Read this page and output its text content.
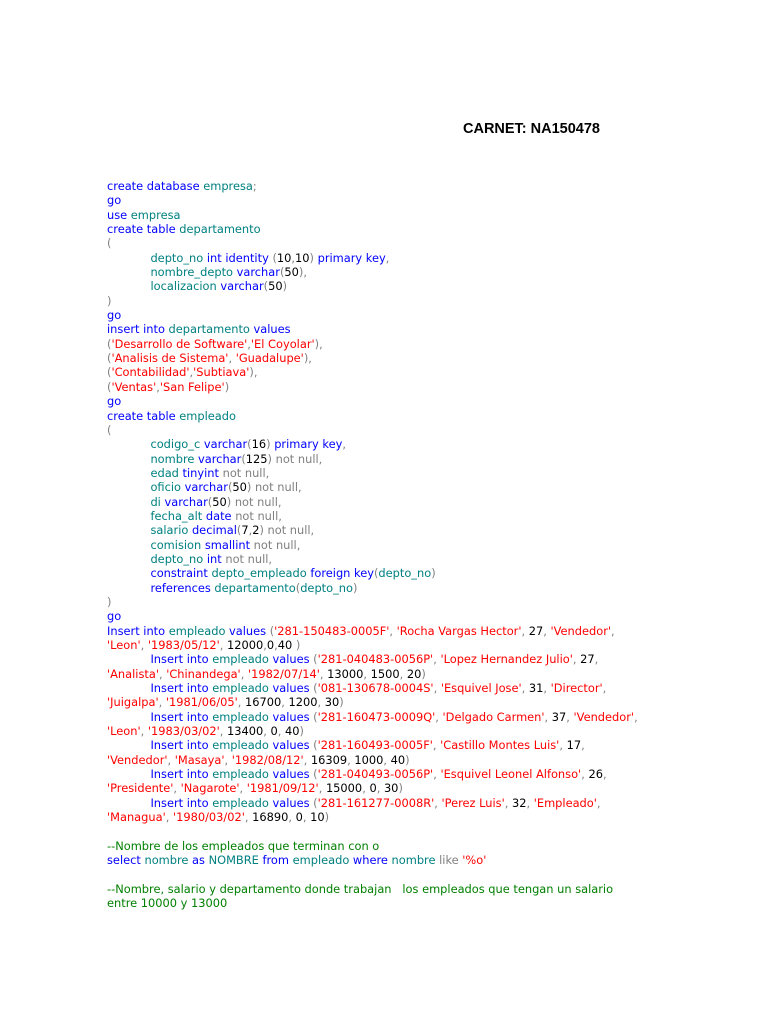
CARNET: NA150478
create database empresa;
go
use empresa
create table departamento
(
depto_no int identity (10,10) primary key,
nombre_depto varchar(50),
localizacion varchar(50)
)
go
insert into departamento values
('Desarrollo de Software','El Coyolar'),
('Analisis de Sistema', 'Guadalupe'),
('Contabilidad','Subtiava'),
('Ventas','San Felipe')
go
create table empleado
(
codigo_c varchar(16) primary key,
nombre varchar(125) not null,
edad tinyint not null,
oficio varchar(50) not null,
di varchar(50) not null,
fecha_alt date not null,
salario decimal(7,2) not null,
comision smallint not null,
depto_no int not null,
constraint depto_empleado foreign key(depto_no)
references departamento(depto_no)
)
go
Insert into empleado values ('281-150483-0005F', 'Rocha Vargas Hector', 27, 'Vendedor',
'Leon', '1983/05/12', 12000,0,40 )
Insert into empleado values ('281-040483-0056P', 'Lopez Hernandez Julio', 27,
'Analista', 'Chinandega', '1982/07/14', 13000, 1500, 20)
Insert into empleado values ('081-130678-0004S', 'Esquivel Jose', 31, 'Director',
'Juigalpa', '1981/06/05', 16700, 1200, 30)
Insert into empleado values ('281-160473-0009Q', 'Delgado Carmen', 37, 'Vendedor',
'Leon', '1983/03/02', 13400, 0, 40)
Insert into empleado values ('281-160493-0005F', 'Castillo Montes Luis', 17,
'Vendedor', 'Masaya', '1982/08/12', 16309, 1000, 40)
Insert into empleado values ('281-040493-0056P', 'Esquivel Leonel Alfonso', 26,
'Presidente', 'Nagarote', '1981/09/12', 15000, 0, 30)
Insert into empleado values ('281-161277-0008R', 'Perez Luis', 32, 'Empleado',
'Managua', '1980/03/02', 16890, 0, 10)

--Nombre de los empleados que terminan con o
select nombre as NOMBRE from empleado where nombre like '%o'

--Nombre, salario y departamento donde trabajan   los empleados que tengan un salario
entre 10000 y 13000
